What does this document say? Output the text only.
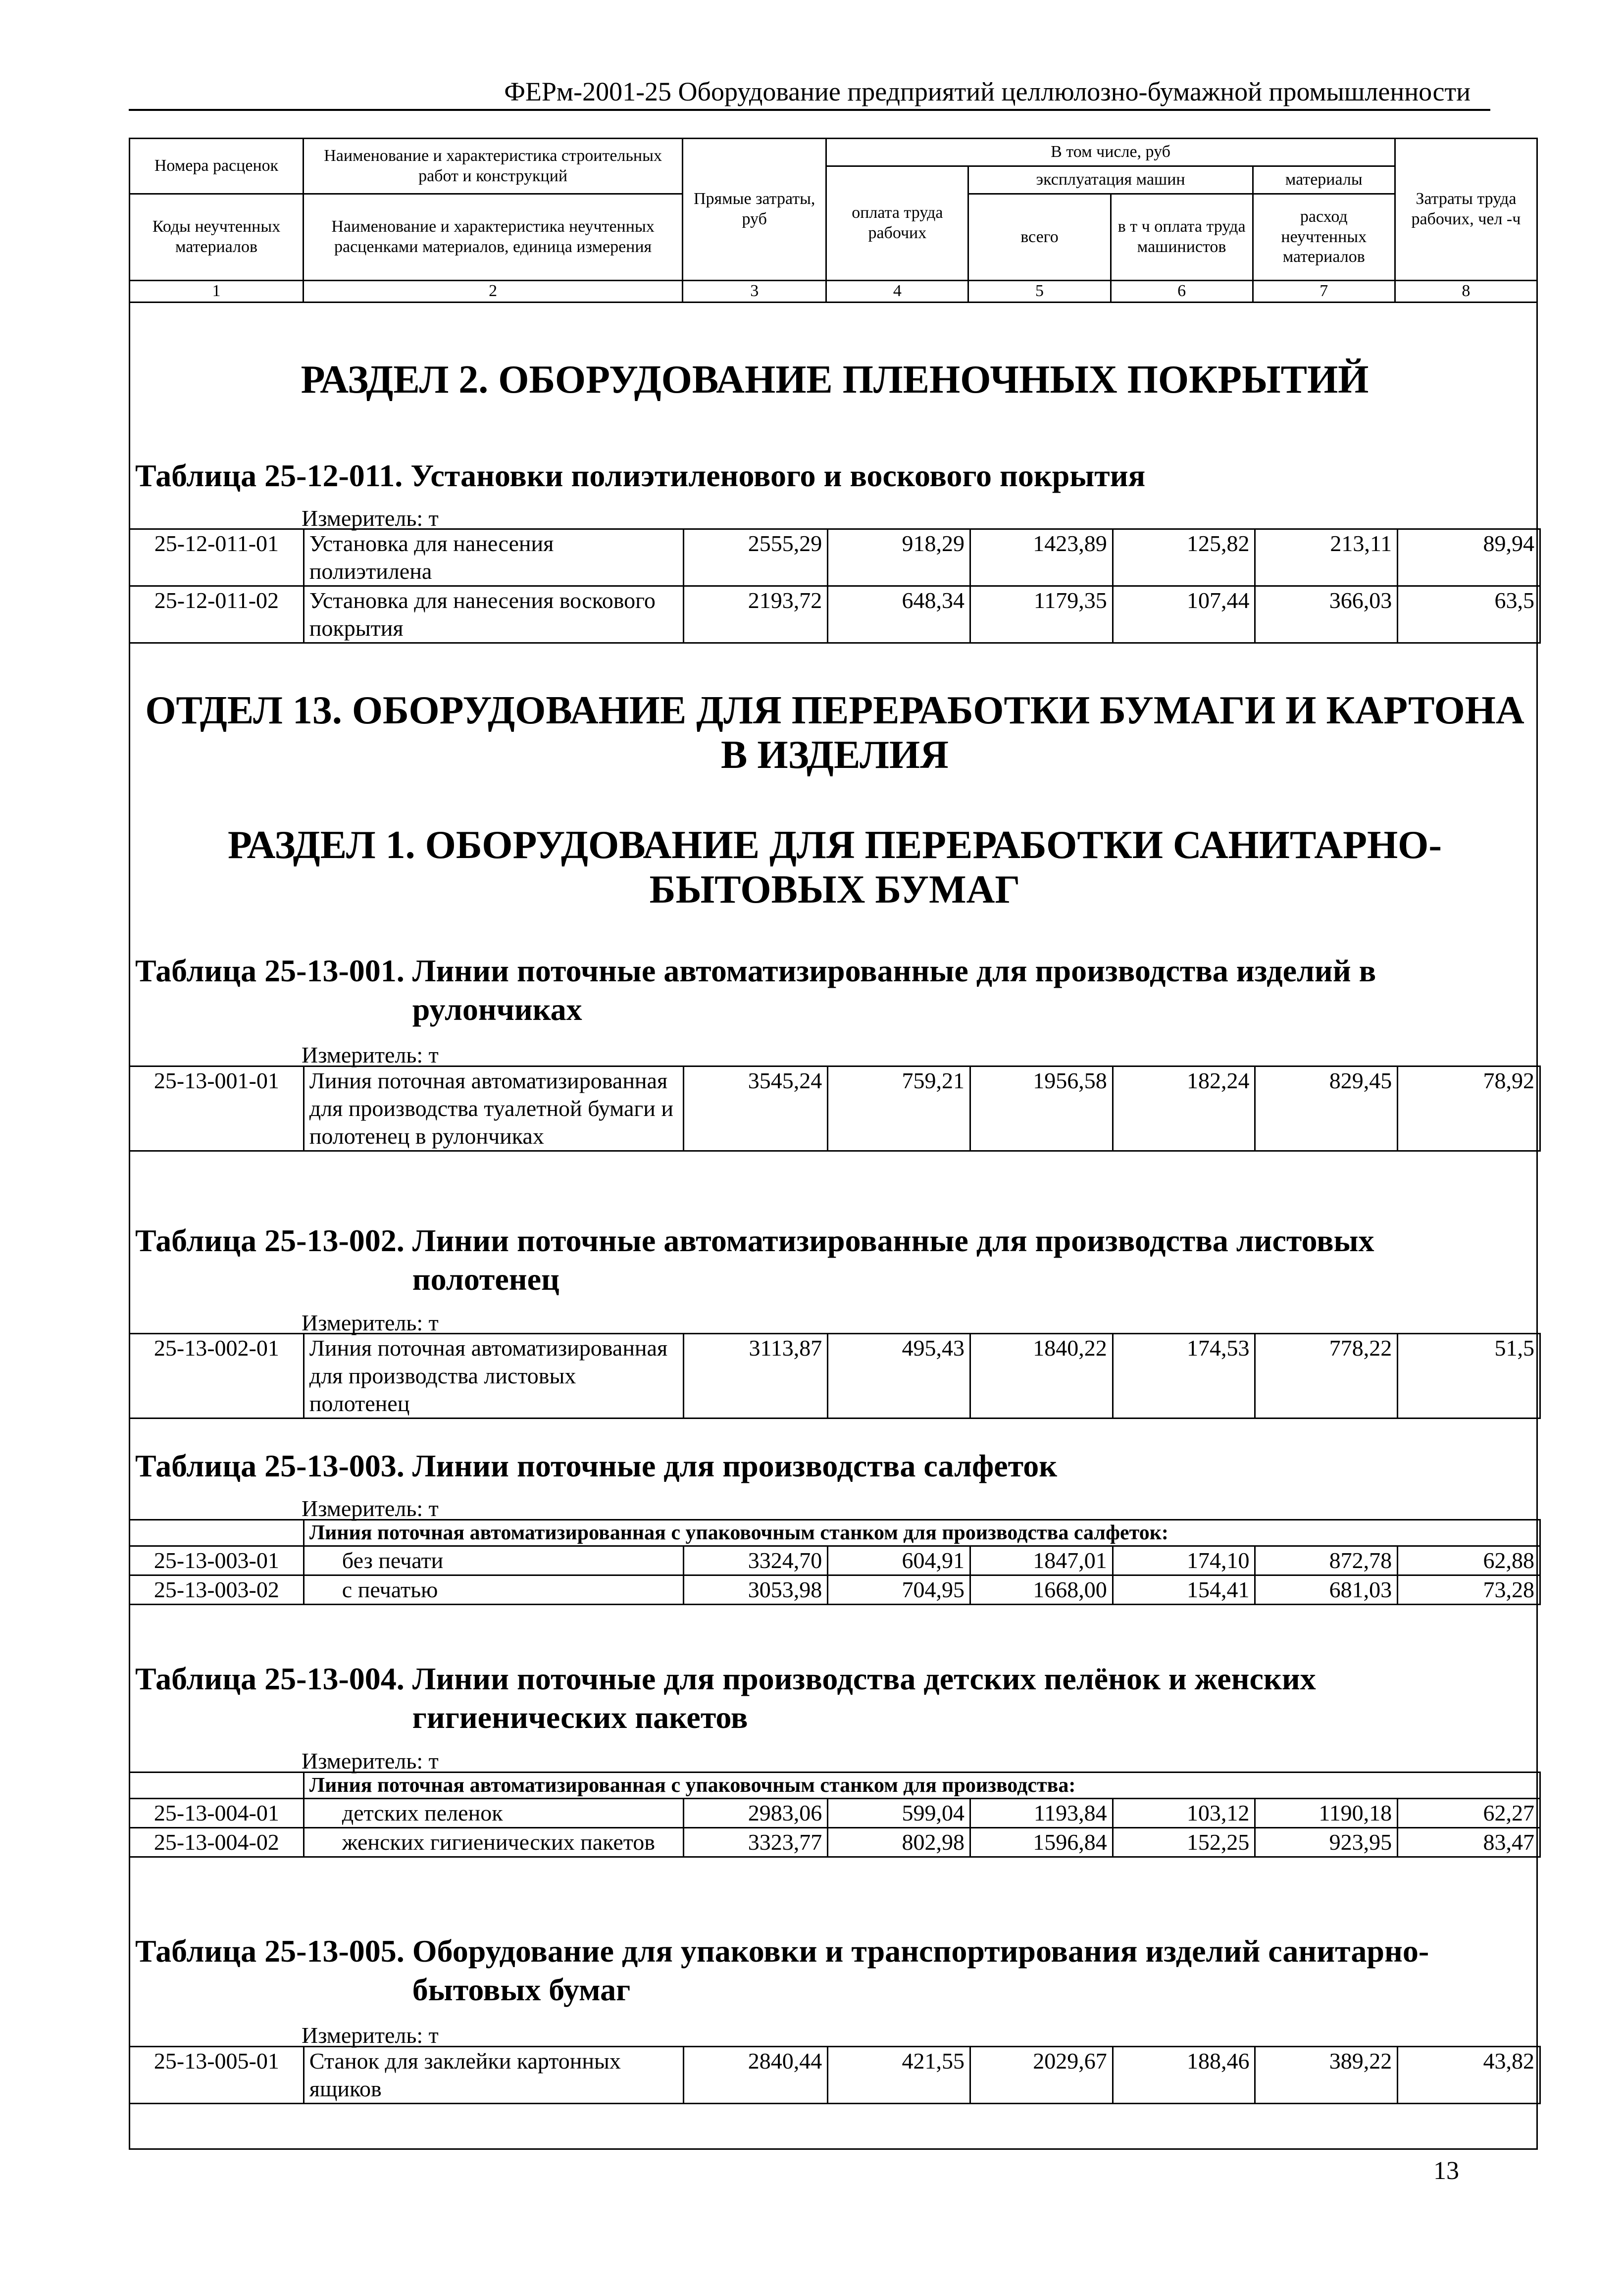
ФЕРм-2001-25 Оборудование предприятий целлюлозно-бумажной промышленности
Номера расценок	Наименование и характеристика строительных работ и конструкций	Прямые затраты, руб	В том числе, руб				Затраты труда рабочих, чел -ч
			оплата труда рабочих	эксплуатация машин		материалы	
Коды неучтенных материалов	Наименование и характеристика неучтенных расценками материалов, единица измерения			всего	в т ч оплата труда машинистов	расход неучтенных материалов	

1	2	3	4	5	6	7	8
РАЗДЕЛ 2. ОБОРУДОВАНИЕ ПЛЕНОЧНЫХ ПОКРЫТИЙ
ОТДЕЛ 13. ОБОРУДОВАНИЕ ДЛЯ ПЕРЕРАБОТКИ БУМАГИ И КАРТОНА
В ИЗДЕЛИЯ
РАЗДЕЛ 1. ОБОРУДОВАНИЕ ДЛЯ ПЕРЕРАБОТКИ САНИТАРНО-
БЫТОВЫХ БУМАГ
Таблица 25-12-011. Установки полиэтиленового и воскового покрытия
Измеритель: т
25-12-011-01	Установка для нанесения полиэтилена	2555,29	918,29	1423,89	125,82	213,11	89,94
25-12-011-02	Установка для нанесения воскового покрытия	2193,72	648,34	1179,35	107,44	366,03	63,5
Таблица 25-13-001. Линии поточные автоматизированные для производства изделий в рулончиках
Измеритель: т
25-13-001-01	Линия поточная автоматизированная для производства туалетной бумаги и полотенец в рулончиках	3545,24	759,21	1956,58	182,24	829,45	78,92
Таблица 25-13-002. Линии поточные автоматизированные для производства листовых полотенец
Измеритель: т
25-13-002-01	Линия поточная автоматизированная для производства листовых полотенец	3113,87	495,43	1840,22	174,53	778,22	51,5
Таблица 25-13-003. Линии поточные для производства салфеток
Измеритель: т
	Линия поточная автоматизированная с упаковочным станком для производства салфеток:						
25-13-003-01	без печати	3324,70	604,91	1847,01	174,10	872,78	62,88
25-13-003-02	с печатью	3053,98	704,95	1668,00	154,41	681,03	73,28
Таблица 25-13-004. Линии поточные для производства детских пелёнок и женских гигиенических пакетов
Измеритель: т
	Линия поточная автоматизированная с упаковочным станком для производства:						
25-13-004-01	детских пеленок	2983,06	599,04	1193,84	103,12	1190,18	62,27
25-13-004-02	женских гигиенических пакетов	3323,77	802,98	1596,84	152,25	923,95	83,47
Таблица 25-13-005. Оборудование для упаковки и транспортирования изделий санитарно-бытовых бумаг
Измеритель: т
25-13-005-01	Станок для заклейки картонных ящиков	2840,44	421,55	2029,67	188,46	389,22	43,82
13
